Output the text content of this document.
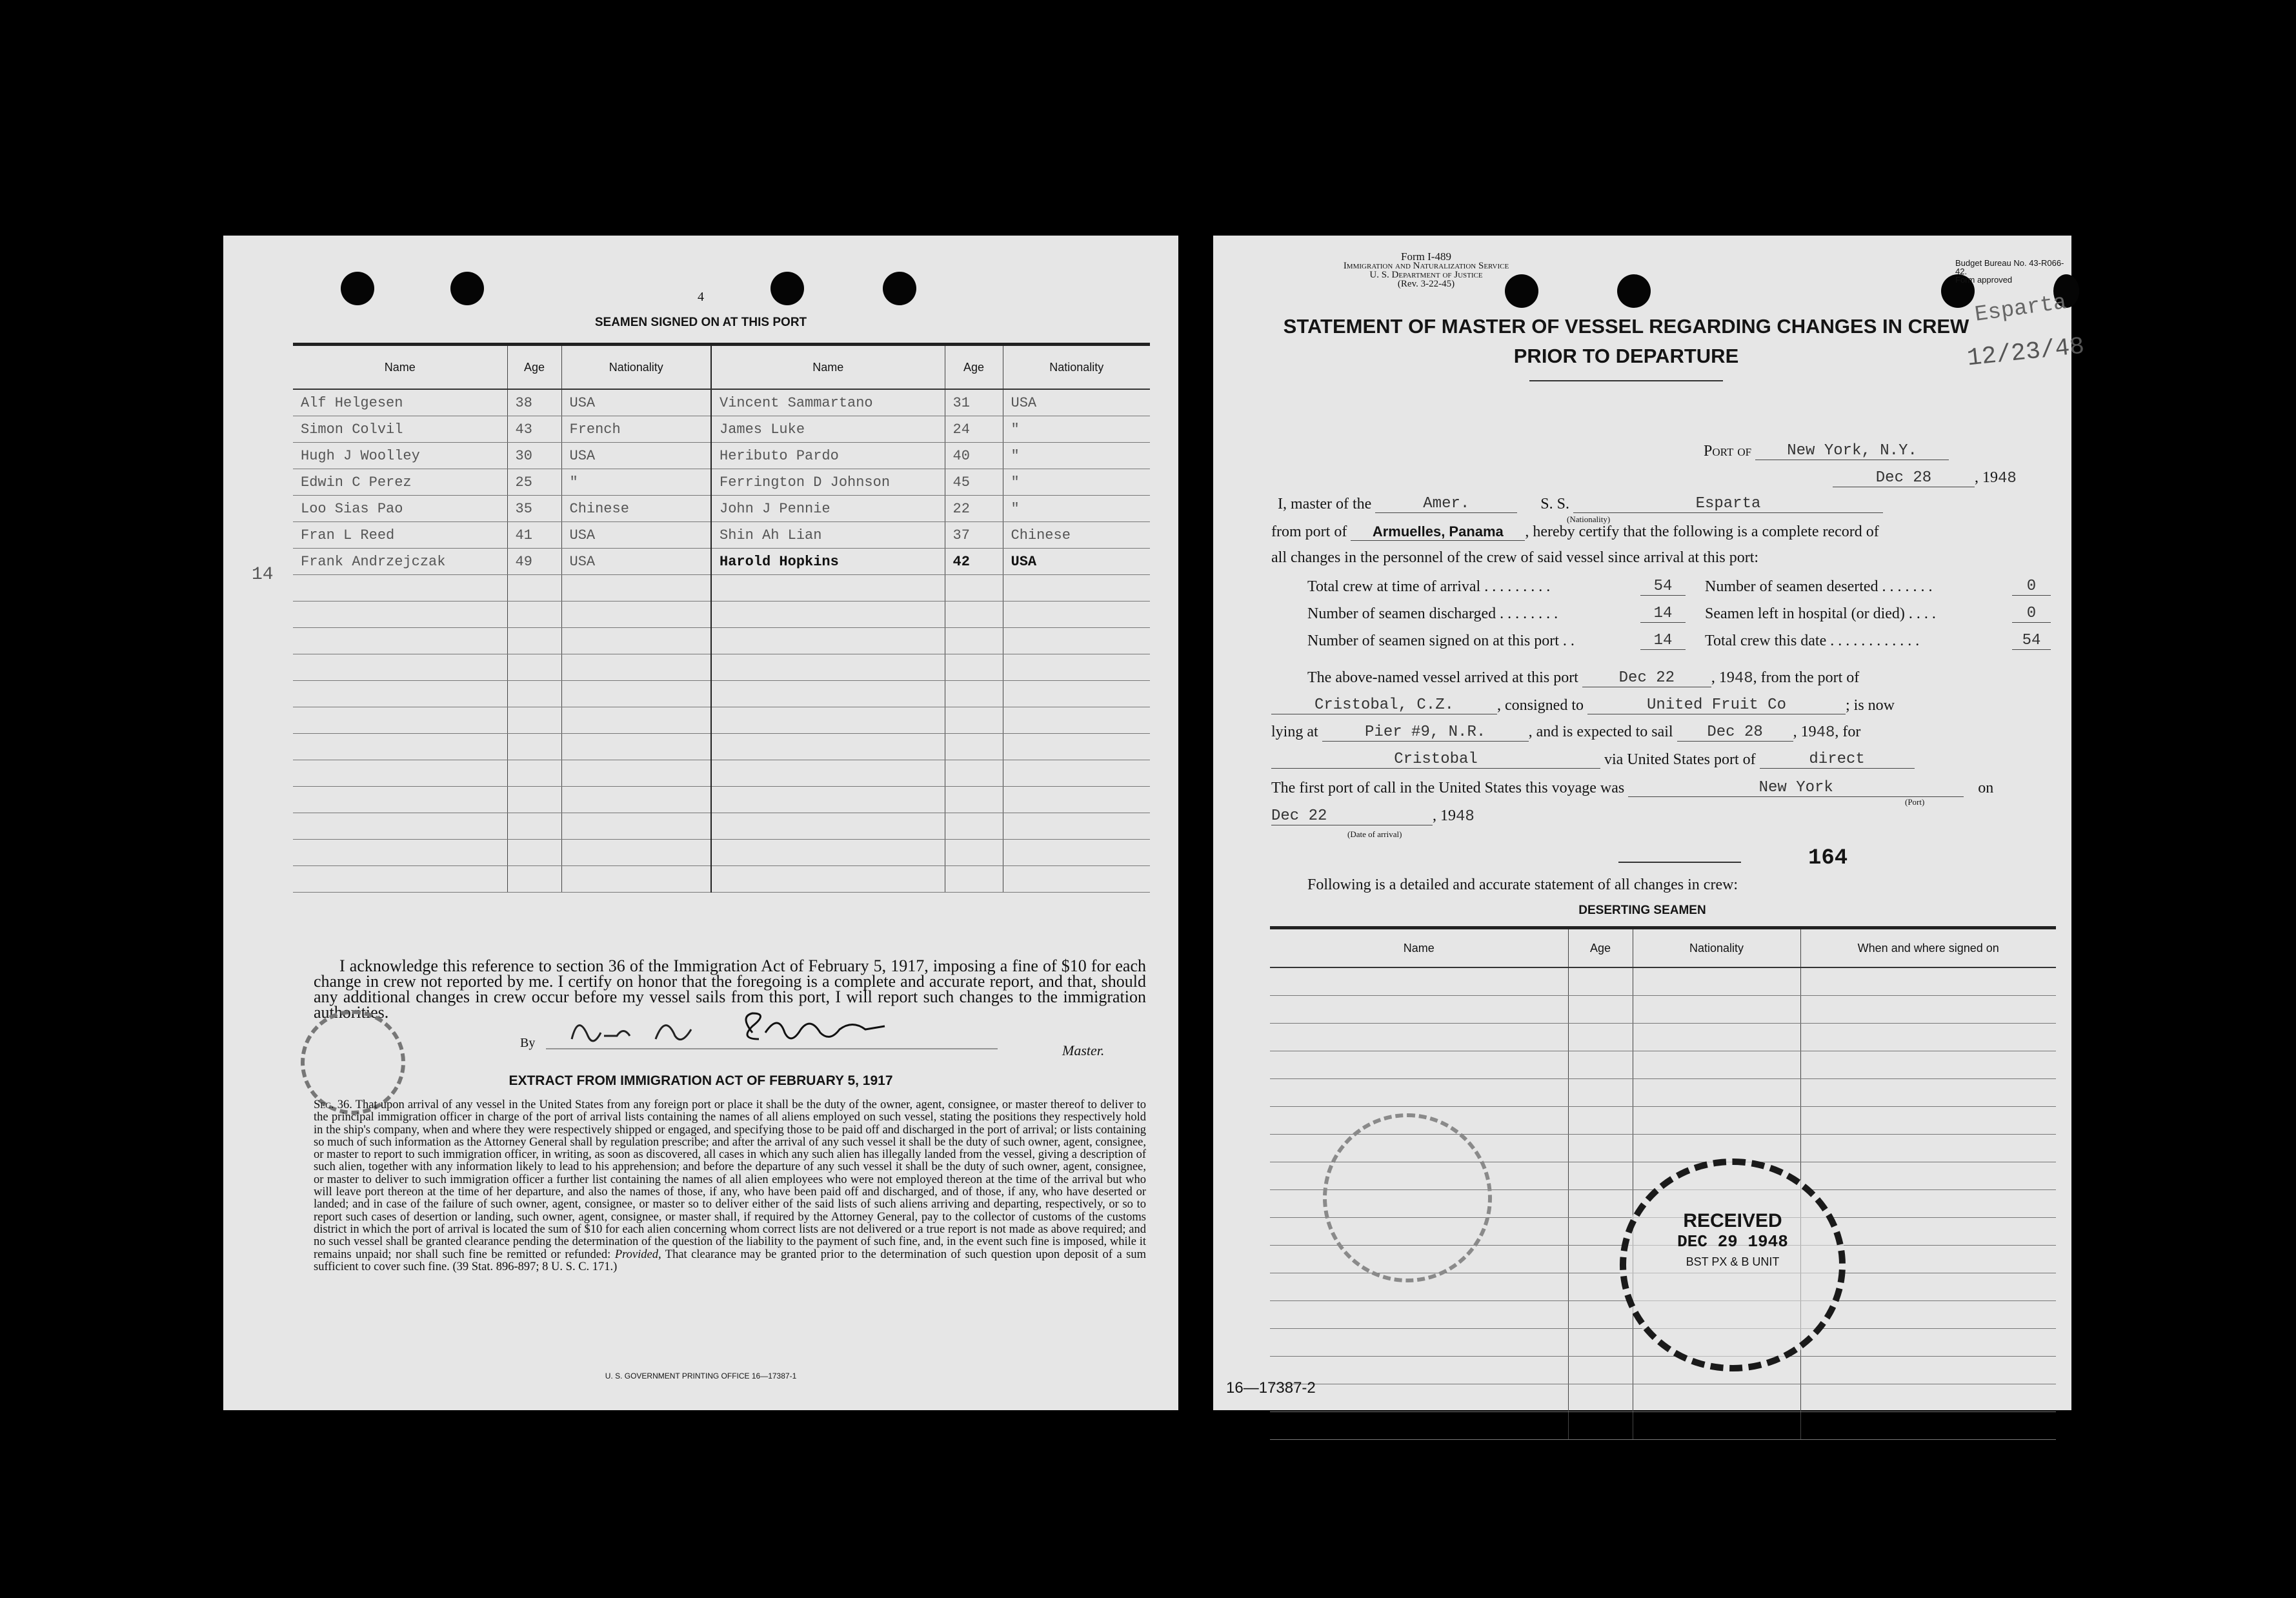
4
SEAMEN SIGNED ON AT THIS PORT
Name	Age	Nationality	Name	Age	Nationality
Alf Helgesen	38	USA	Vincent Sammartano	31	USA
Simon Colvil	43	French	James Luke	24	"
Hugh J Woolley	30	USA	Heributo Pardo	40	"
Edwin C Perez	25	"	Ferrington D Johnson	45	"
Loo Sias Pao	35	Chinese	John J Pennie	22	"
Fran L Reed	41	USA	Shin Ah Lian	37	Chinese
Frank Andrzejczak	49	USA	Harold Hopkins	42	USA

14
I acknowledge this reference to section 36 of the Immigration Act of February 5, 1917, imposing a fine of $10 for each change in crew not reported by me. I certify on honor that the foregoing is a complete and accurate report, and that, should any additional changes in crew occur before my vessel sails from this port, I will report such changes to the immigration authorities.
By	Master.
EXTRACT FROM IMMIGRATION ACT OF FEBRUARY 5, 1917
Sec. 36. That upon arrival of any vessel in the United States from any foreign port or place it shall be the duty of the owner, agent, consignee, or master thereof to deliver to the principal immigration officer in charge of the port of arrival lists containing the names of all aliens employed on such vessel, stating the positions they respectively hold in the ship's company, when and where they were respectively shipped or engaged, and specifying those to be paid off and discharged in the port of arrival; or lists containing so much of such information as the Attorney General shall by regulation prescribe; and after the arrival of any such vessel it shall be the duty of such owner, agent, consignee, or master to report to such immigration officer, in writing, as soon as discovered, all cases in which any such alien has illegally landed from the vessel, giving a description of such alien, together with any information likely to lead to his apprehension; and before the departure of any such vessel it shall be the duty of such owner, agent, consignee, or master to deliver to such immigration officer a further list containing the names of all alien employees who were not employed thereon at the time of the arrival but who will leave port thereon at the time of her departure, and also the names of those, if any, who have been paid off and discharged, and of those, if any, who have deserted or landed; and in case of the failure of such owner, agent, consignee, or master so to deliver either of the said lists of such aliens arriving and departing, respectively, or so to report such cases of desertion or landing, such owner, agent, consignee, or master shall, if required by the Attorney General, pay to the collector of customs of the customs district in which the port of arrival is located the sum of $10 for each alien concerning whom correct lists are not delivered or a true report is not made as above required; and no such vessel shall be granted clearance pending the determination of the question of the liability to the payment of such fine, and, in the event such fine is imposed, while it remains unpaid; nor shall such fine be remitted or refunded: Provided, That clearance may be granted prior to the determination of such question upon deposit of a sum sufficient to cover such fine. (39 Stat. 896-897; 8 U. S. C. 171.)
U. S. GOVERNMENT PRINTING OFFICE 16—17387-1
Form I-489
Immigration and Naturalization Service
U. S. Department of Justice
(Rev. 3-22-45)
Budget Bureau No. 43-R066-42.
Form approved
STATEMENT OF MASTER OF VESSEL REGARDING CHANGES IN CREW
PRIOR TO DEPARTURE
Esparta
12/23/48
Port of New York, N.Y.
Dec 28	, 1948
I, master of the	Amer.	S. S.	Esparta
(Nationality)
from port of Armuelles, Panama , hereby certify that the following is a complete record of
all changes in the personnel of the crew of said vessel since arrival at this port:
Total crew at time of arrival . . . . . . . . .	54 Number of seamen deserted . . . . . . .	0
Number of seamen discharged . . . . . . . .	14 Seamen left in hospital (or died) . . . .	0
Number of seamen signed on at this port . .	14 Total crew this date . . . . . . . . . . . .	54
The above-named vessel arrived at this port	Dec 22 , 1948, from the port of
Cristobal, C.Z.	, consigned to	United Fruit Co	; is now
lying at	Pier #9, N.R.	, and is expected to sail Dec 28 , 1948, for
Cristobal	via United States port of	direct
The first port of call in the United States this voyage was	New York	on
(Port)
Dec 22	, 1948
(Date of arrival)
164
Following is a detailed and accurate statement of all changes in crew:
DESERTING SEAMEN
Name	Age	Nationality	When and where signed on

RECEIVED
DEC 29 1948
BST PX & B UNIT
16—17387-2
